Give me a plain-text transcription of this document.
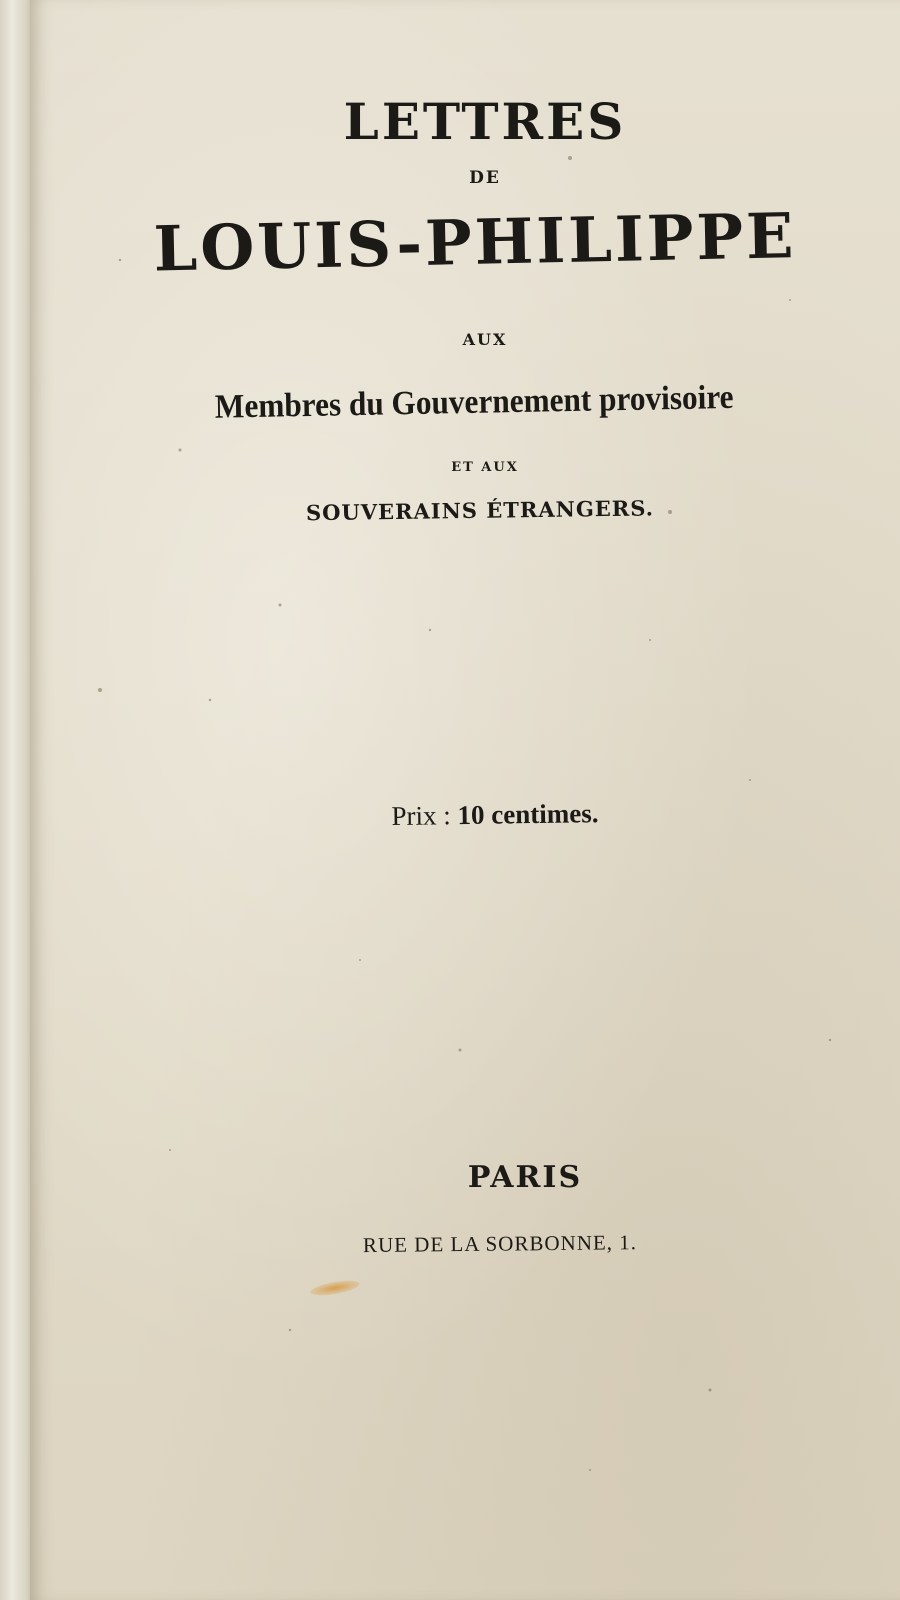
LETTRES
DE
LOUIS-PHILIPPE
AUX
Membres du Gouvernement provisoire
ET AUX
SOUVERAINS ÉTRANGERS.
Prix : 10 centimes.
PARIS
RUE DE LA SORBONNE, 1.
